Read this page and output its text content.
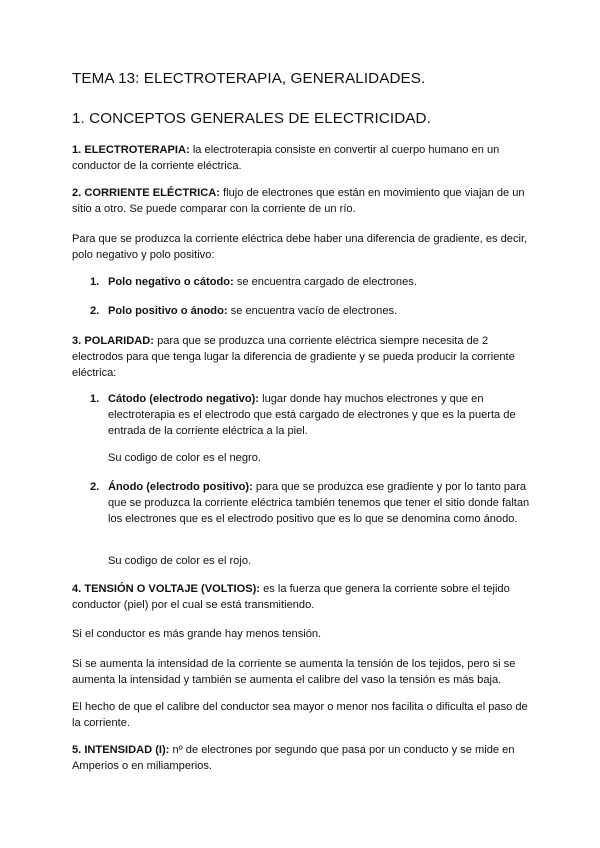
TEMA 13: ELECTROTERAPIA, GENERALIDADES.
1. CONCEPTOS GENERALES DE ELECTRICIDAD.

1. ELECTROTERAPIA: la electroterapia consiste en convertir al cuerpo humano en un conductor de la corriente eléctrica.

2. CORRIENTE ELÉCTRICA: flujo de electrones que están en movimiento que viajan de un sitio a otro. Se puede comparar con la corriente de un río.

Para que se produzca la corriente eléctrica debe haber una diferencia de gradiente, es decir, polo negativo y polo positivo:

1. Polo negativo o cátodo: se encuentra cargado de electrones.

2. Polo positivo o ánodo: se encuentra vacío de electrones.

3. POLARIDAD: para que se produzca una corriente eléctrica siempre necesita de 2 electrodos para que tenga lugar la diferencia de gradiente y se pueda producir la corriente eléctrica:

1. Cátodo (electrodo negativo): lugar donde hay muchos electrones y que en electroterapia es el electrodo que está cargado de electrones y que es la puerta de entrada de la corriente eléctrica a la piel.

Su codigo de color es el negro.

2. Ánodo (electrodo positivo): para que se produzca ese gradiente y por lo tanto para que se produzca la corriente eléctrica también tenemos que tener el sitio donde faltan los electrones que es el electrodo positivo que es lo que se denomina como ánodo.

Su codigo de color es el rojo.

4. TENSIÓN O VOLTAJE (VOLTIOS): es la fuerza que genera la corriente sobre el tejido conductor (piel) por el cual se está transmitiendo.

Si el conductor es más grande hay menos tensión.

Si se aumenta la intensidad de la corriente se aumenta la tensión de los tejidos, pero si se aumenta la intensidad y también se aumenta el calibre del vaso la tensión es más baja.

El hecho de que el calibre del conductor sea mayor o menor nos facilita o dificulta el paso de la corriente.

5. INTENSIDAD (I): nº de electrones por segundo que pasa por un conducto y se mide en Amperios o en miliamperios.
